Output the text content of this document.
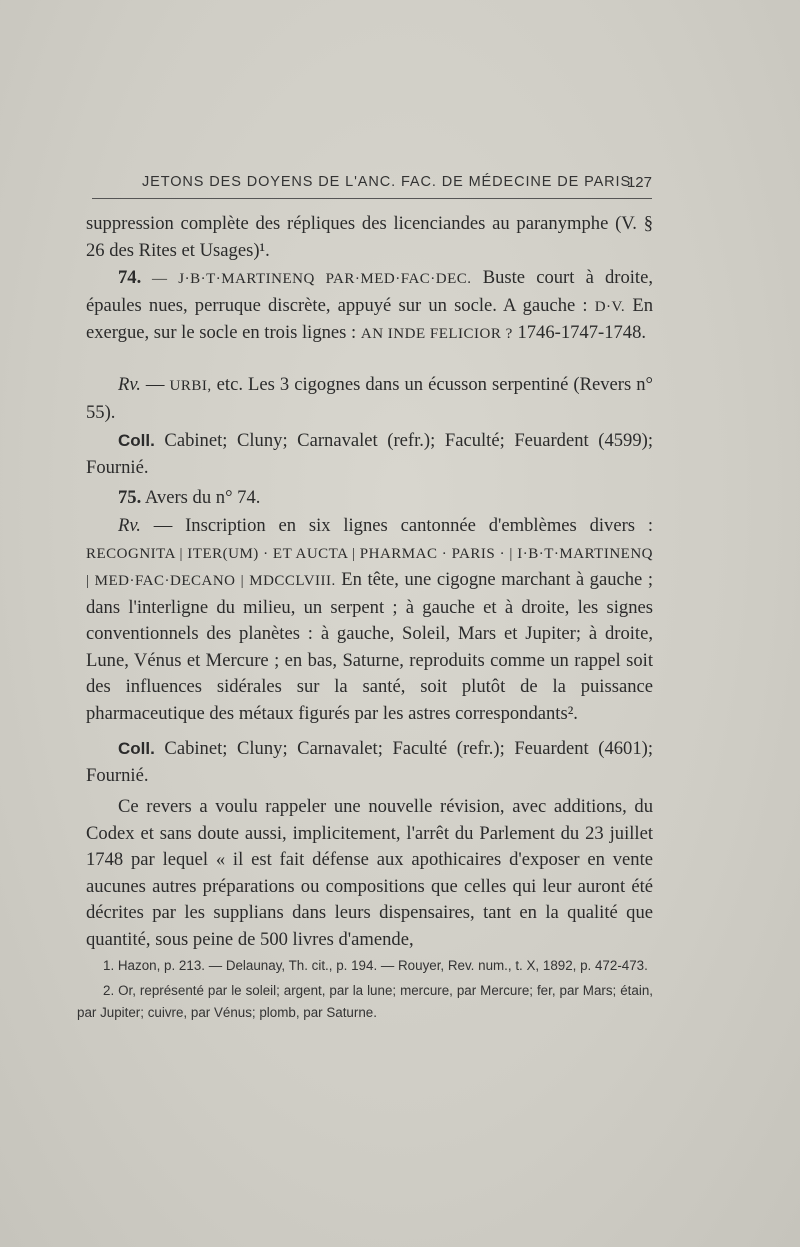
JETONS DES DOYENS DE L'ANC. FAC. DE MÉDECINE DE PARIS
127

suppression complète des répliques des licenciandes au paranymphe (V. § 26 des Rites et Usages)¹.

74. — J·B·T·MARTINENQ PAR·MED·FAC·DEC. Buste court à droite, épaules nues, perruque discrète, appuyé sur un socle. A gauche : D·V. En exergue, sur le socle en trois lignes : AN INDE FELICIOR ? 1746-1747-1748.

Rv. — URBI, etc. Les 3 cigognes dans un écusson serpentiné (Revers n° 55).

Coll. Cabinet; Cluny; Carnavalet (refr.); Faculté; Feuardent (4599); Fournié.

75. Avers du n° 74.

Rv. — Inscription en six lignes cantonnée d'emblèmes divers : RECOGNITA | ITER(UM) · ET AUCTA | PHARMAC · PARIS · | I·B·T·MARTINENQ | MED·FAC·DECANO | MDCCLVIII. En tête, une cigogne marchant à gauche ; dans l'interligne du milieu, un serpent ; à gauche et à droite, les signes conventionnels des planètes : à gauche, Soleil, Mars et Jupiter; à droite, Lune, Vénus et Mercure ; en bas, Saturne, reproduits comme un rappel soit des influences sidérales sur la santé, soit plutôt de la puissance pharmaceutique des métaux figurés par les astres correspondants².

Coll. Cabinet; Cluny; Carnavalet; Faculté (refr.); Feuardent (4601); Fournié.

Ce revers a voulu rappeler une nouvelle révision, avec additions, du Codex et sans doute aussi, implicitement, l'arrêt du Parlement du 23 juillet 1748 par lequel « il est fait défense aux apothicaires d'exposer en vente aucunes autres préparations ou compositions que celles qui leur auront été décrites par les supplians dans leurs dispensaires, tant en la qualité que quantité, sous peine de 500 livres d'amende,

1. Hazon, p. 213. — Delaunay, Th. cit., p. 194. — Rouyer, Rev. num., t. X, 1892, p. 472-473.

2. Or, représenté par le soleil; argent, par la lune; mercure, par Mercure; fer, par Mars; étain, par Jupiter; cuivre, par Vénus; plomb, par Saturne.
